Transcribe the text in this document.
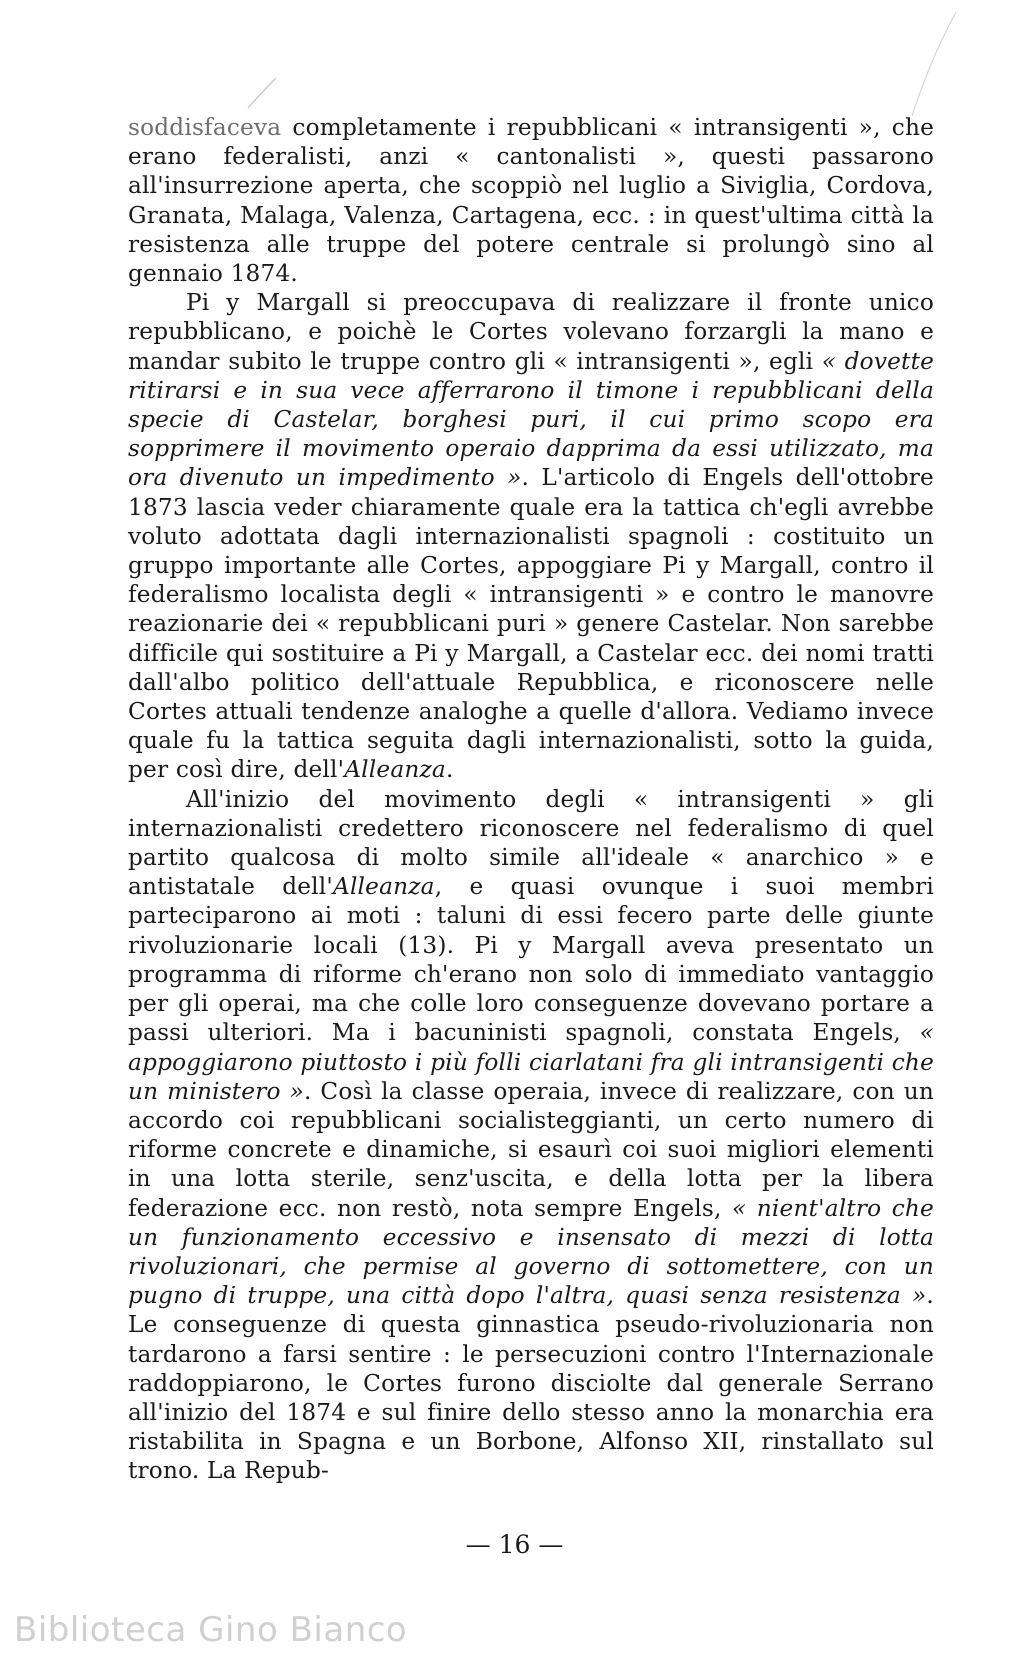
soddisfaceva completamente i repubblicani « intransigenti », che erano federalisti, anzi « cantonalisti », questi passarono all'insurrezione aperta, che scoppiò nel luglio a Siviglia, Cordova, Granata, Malaga, Valenza, Cartagena, ecc. : in quest'ultima città la resistenza alle truppe del potere centrale si prolungò sino al gennaio 1874.

Pi y Margall si preoccupava di realizzare il fronte unico repubblicano, e poichè le Cortes volevano forzargli la mano e mandar subito le truppe contro gli « intransigenti », egli « dovette ritirarsi e in sua vece afferrarono il timone i repubblicani della specie di Castelar, borghesi puri, il cui primo scopo era sopprimere il movimento operaio dapprima da essi utilizzato, ma ora divenuto un impedimento ». L'articolo di Engels dell'ottobre 1873 lascia veder chiaramente quale era la tattica ch'egli avrebbe voluto adottata dagli internazionalisti spagnoli : costituito un gruppo importante alle Cortes, appoggiare Pi y Margall, contro il federalismo localista degli « intransigenti » e contro le manovre reazionarie dei « repubblicani puri » genere Castelar. Non sarebbe difficile qui sostituire a Pi y Margall, a Castelar ecc. dei nomi tratti dall'albo politico dell'attuale Repubblica, e riconoscere nelle Cortes attuali tendenze analoghe a quelle d'allora. Vediamo invece quale fu la tattica seguita dagli internazionalisti, sotto la guida, per così dire, dell'Alleanza.

All'inizio del movimento degli « intransigenti » gli internazionalisti credettero riconoscere nel federalismo di quel partito qualcosa di molto simile all'ideale « anarchico » e antistatale dell'Alleanza, e quasi ovunque i suoi membri parteciparono ai moti : taluni di essi fecero parte delle giunte rivoluzionarie locali (13). Pi y Margall aveva presentato un programma di riforme ch'erano non solo di immediato vantaggio per gli operai, ma che colle loro conseguenze dovevano portare a passi ulteriori. Ma i bacuninisti spagnoli, constata Engels, « appoggiarono piuttosto i più folli ciarlatani fra gli intransigenti che un ministero ». Così la classe operaia, invece di realizzare, con un accordo coi repubblicani socialisteggianti, un certo numero di riforme concrete e dinamiche, si esaurì coi suoi migliori elementi in una lotta sterile, senz'uscita, e della lotta per la libera federazione ecc. non restò, nota sempre Engels, « nient'altro che un funzionamento eccessivo e insensato di mezzi di lotta rivoluzionari, che permise al governo di sottomettere, con un pugno di truppe, una città dopo l'altra, quasi senza resistenza ». Le conseguenze di questa ginnastica pseudo-rivoluzionaria non tardarono a farsi sentire : le persecuzioni contro l'Internazionale raddoppiarono, le Cortes furono disciolte dal generale Serrano all'inizio del 1874 e sul finire dello stesso anno la monarchia era ristabilita in Spagna e un Borbone, Alfonso XII, rinstallato sul trono. La Repub-

— 16 —
Biblioteca Gino Bianco
